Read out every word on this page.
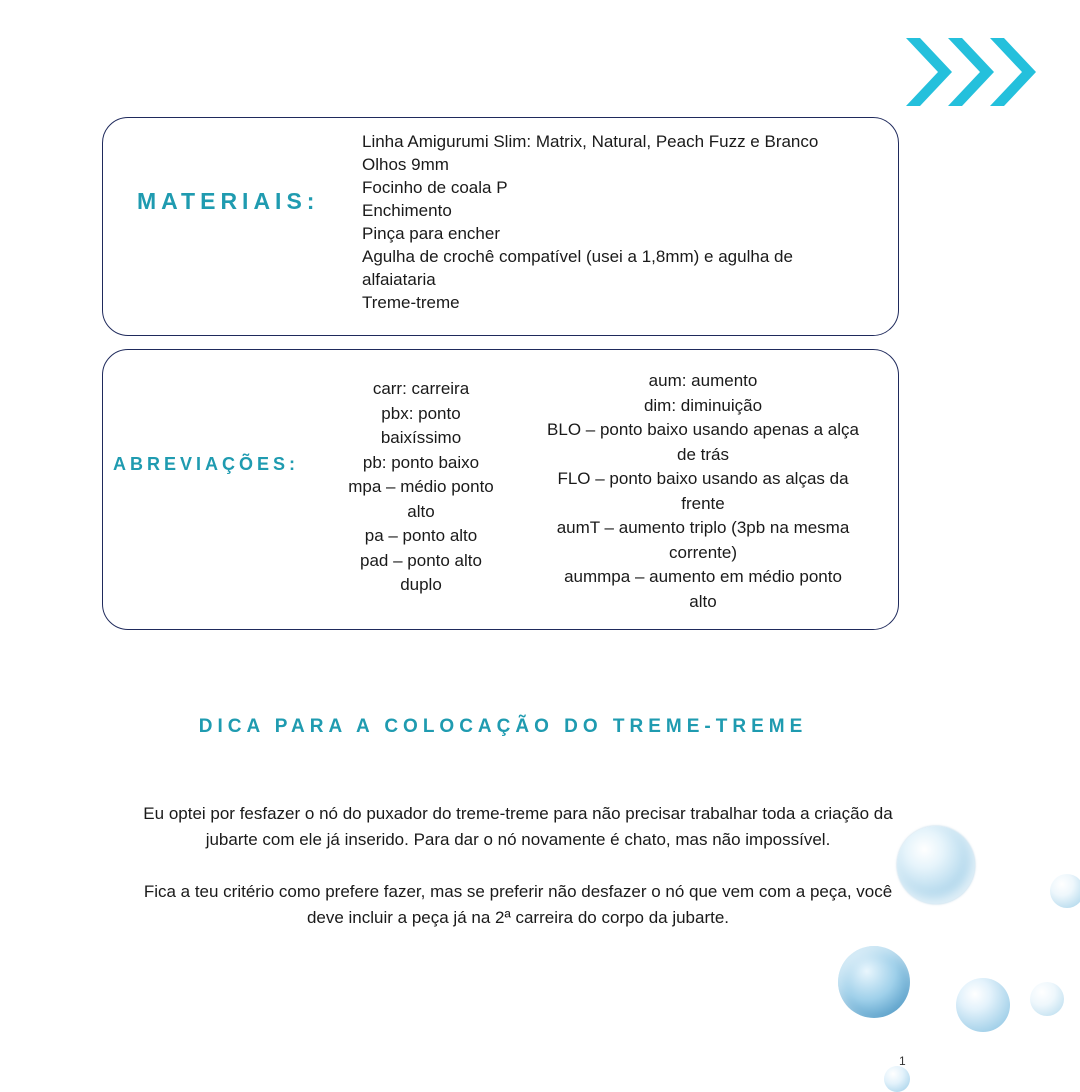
MATERIAIS:
Linha Amigurumi Slim: Matrix, Natural, Peach Fuzz e Branco
Olhos 9mm
Focinho de coala P
Enchimento
Pinça para encher
Agulha de crochê compatível (usei a 1,8mm) e agulha de
alfaiataria
Treme-treme
ABREVIAÇÕES:
carr: carreira
pbx: ponto
baixíssimo
pb: ponto baixo
mpa – médio ponto
alto
pa – ponto alto
pad – ponto alto
duplo
aum: aumento
dim: diminuição
BLO – ponto baixo usando apenas a alça
de trás
FLO – ponto baixo usando as alças da
frente
aumT – aumento triplo (3pb na mesma
corrente)
aummpa – aumento em médio ponto
alto
DICA PARA A COLOCAÇÃO DO TREME-TREME

Eu optei por fesfazer o nó do puxador do treme-treme para não precisar trabalhar toda a criação da jubarte com ele já inserido. Para dar o nó novamente é chato, mas não impossível.

Fica a teu critério como prefere fazer, mas se preferir não desfazer o nó que vem com a peça, você deve incluir a peça já na 2ª carreira do corpo da jubarte.

1
